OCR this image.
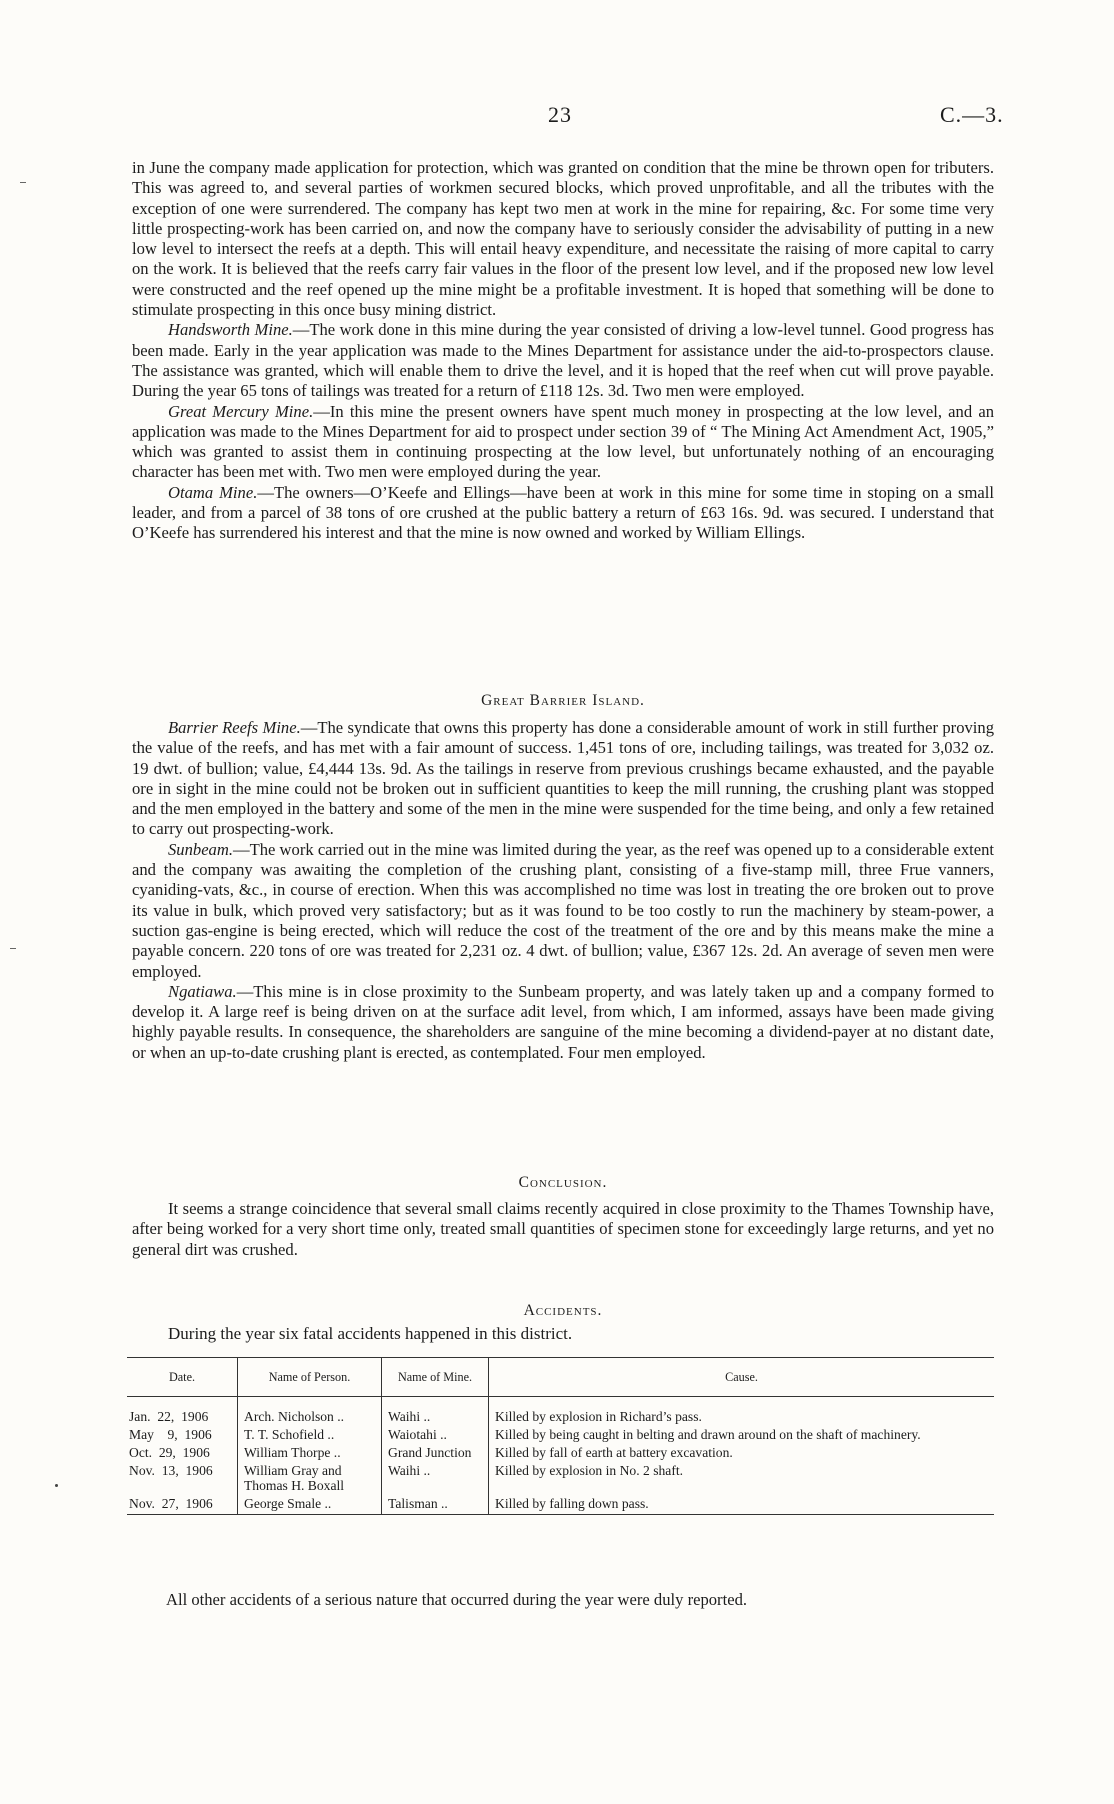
23	C.—3.

in June the company made application for protection, which was granted on condition that the mine be thrown open for tributers. This was agreed to, and several parties of workmen secured blocks, which proved unprofitable, and all the tributes with the exception of one were surrendered. The company has kept two men at work in the mine for repairing, &c. For some time very little prospecting-work has been carried on, and now the company have to seriously consider the advisability of putting in a new low level to intersect the reefs at a depth. This will entail heavy expenditure, and necessitate the raising of more capital to carry on the work. It is believed that the reefs carry fair values in the floor of the present low level, and if the proposed new low level were constructed and the reef opened up the mine might be a profitable investment. It is hoped that something will be done to stimulate prospecting in this once busy mining district.

Handsworth Mine.—The work done in this mine during the year consisted of driving a low-level tunnel. Good progress has been made. Early in the year application was made to the Mines Department for assistance under the aid-to-prospectors clause. The assistance was granted, which will enable them to drive the level, and it is hoped that the reef when cut will prove payable. During the year 65 tons of tailings was treated for a return of £118 12s. 3d. Two men were employed.

Great Mercury Mine.—In this mine the present owners have spent much money in prospecting at the low level, and an application was made to the Mines Department for aid to prospect under section 39 of “ The Mining Act Amendment Act, 1905,” which was granted to assist them in continuing prospecting at the low level, but unfortunately nothing of an encouraging character has been met with. Two men were employed during the year.

Otama Mine.—The owners—O’Keefe and Ellings—have been at work in this mine for some time in stoping on a small leader, and from a parcel of 38 tons of ore crushed at the public battery a return of £63 16s. 9d. was secured. I understand that O’Keefe has surrendered his interest and that the mine is now owned and worked by William Ellings.

Great Barrier Island.

Barrier Reefs Mine.—The syndicate that owns this property has done a considerable amount of work in still further proving the value of the reefs, and has met with a fair amount of success. 1,451 tons of ore, including tailings, was treated for 3,032 oz. 19 dwt. of bullion; value, £4,444 13s. 9d. As the tailings in reserve from previous crushings became exhausted, and the payable ore in sight in the mine could not be broken out in sufficient quantities to keep the mill running, the crushing plant was stopped and the men employed in the battery and some of the men in the mine were suspended for the time being, and only a few retained to carry out prospecting-work.

Sunbeam.—The work carried out in the mine was limited during the year, as the reef was opened up to a considerable extent and the company was awaiting the completion of the crushing plant, consisting of a five-stamp mill, three Frue vanners, cyaniding-vats, &c., in course of erection. When this was accomplished no time was lost in treating the ore broken out to prove its value in bulk, which proved very satisfactory; but as it was found to be too costly to run the machinery by steam-power, a suction gas-engine is being erected, which will reduce the cost of the treatment of the ore and by this means make the mine a payable concern. 220 tons of ore was treated for 2,231 oz. 4 dwt. of bullion; value, £367 12s. 2d. An average of seven men were employed.

Ngatiawa.—This mine is in close proximity to the Sunbeam property, and was lately taken up and a company formed to develop it. A large reef is being driven on at the surface adit level, from which, I am informed, assays have been made giving highly payable results. In consequence, the shareholders are sanguine of the mine becoming a dividend-payer at no distant date, or when an up-to-date crushing plant is erected, as contemplated. Four men employed.

Conclusion.

It seems a strange coincidence that several small claims recently acquired in close proximity to the Thames Township have, after being worked for a very short time only, treated small quantities of specimen stone for exceedingly large returns, and yet no general dirt was crushed.

Accidents.

During the year six fatal accidents happened in this district.
Date.	Name of Person.	Name of Mine.	Cause.

Jan.  22,  1906	Arch. Nicholson ..	Waihi ..	Killed by explosion in Richard’s pass.
May    9,  1906	T. T. Schofield ..	Waiotahi ..	Killed by being caught in belting and drawn around on the shaft of machinery.
Oct.  29,  1906	William Thorpe ..	Grand Junction	Killed by fall of earth at battery excavation.
Nov.  13,  1906	William Gray and Thomas H. Boxall	Waihi ..	Killed by explosion in No. 2 shaft.
Nov.  27,  1906	George Smale ..	Talisman ..	Killed by falling down pass.
All other accidents of a serious nature that occurred during the year were duly reported.
